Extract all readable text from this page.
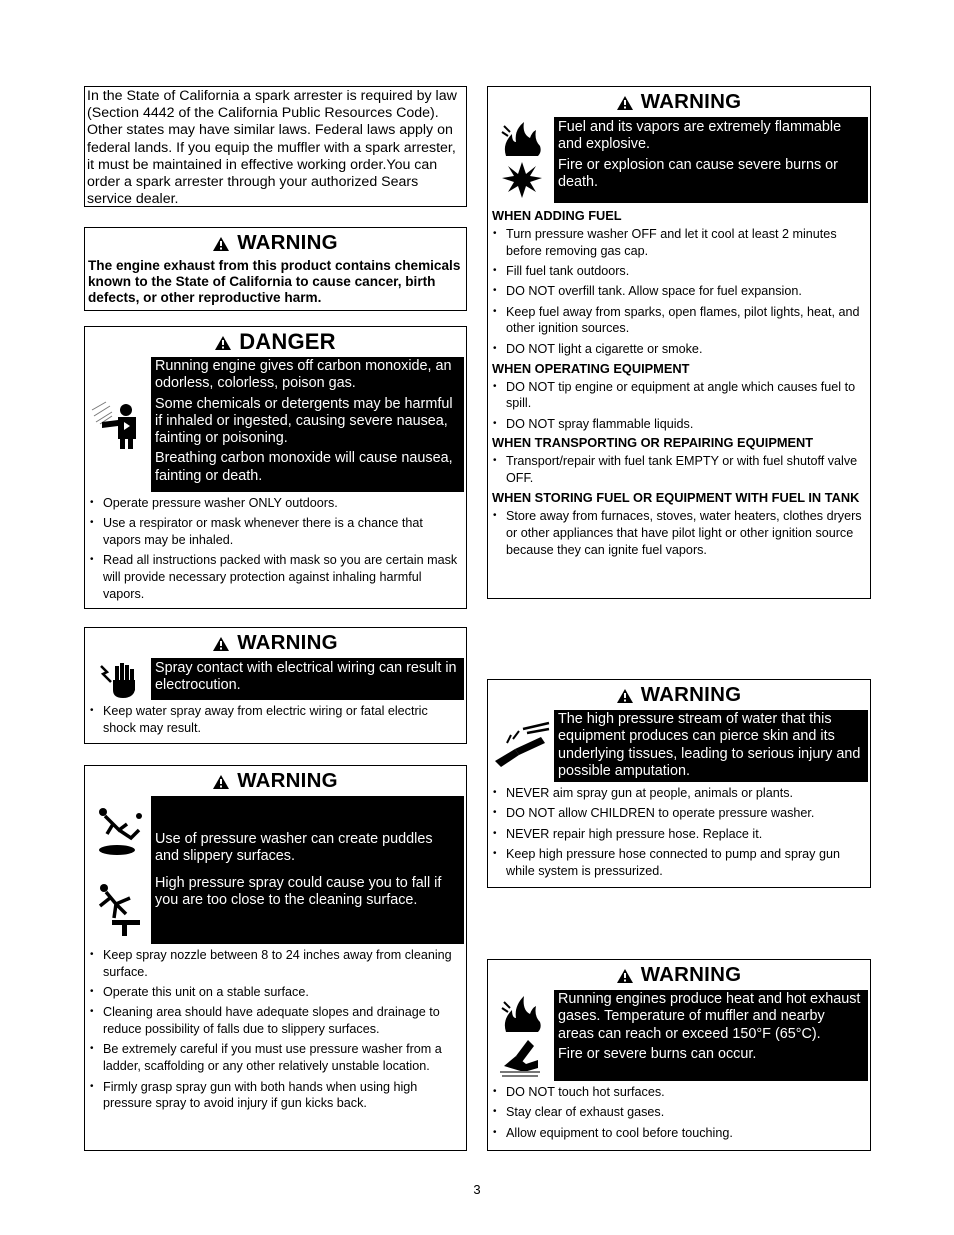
In the State of California a spark arrester is required by law (Section 4442 of the California Public Resources Code). Other states may have similar laws. Federal laws apply on federal lands. If you equip the muffler with a spark arrester, it must be maintained in effective working order.You can order a spark arrester through your authorized Sears service dealer.
WARNING
The engine exhaust from this product contains chemicals known to the State of California to cause cancer, birth defects, or other reproductive harm.
DANGER

Running engine gives off carbon monoxide, an odorless, colorless, poison gas.

Some chemicals or detergents may be harmful if inhaled or ingested, causing severe nausea, fainting or poisoning.

Breathing carbon monoxide will cause nausea, fainting or death.

• Operate pressure washer ONLY outdoors.
• Use a respirator or mask whenever there is a chance that vapors may be inhaled.
• Read all instructions packed with mask so you are certain mask will provide necessary protection against inhaling harmful vapors.
WARNING

Spray contact with electrical wiring can result in electrocution.

• Keep water spray away from electric wiring or fatal electric shock may result.
WARNING

Use of pressure washer can create puddles and slippery surfaces.

High pressure spray could cause you to fall if you are too close to the cleaning surface.

• Keep spray nozzle between 8 to 24 inches away from cleaning surface.
• Operate this unit on a stable surface.
• Cleaning area should have adequate slopes and drainage to reduce possibility of falls due to slippery surfaces.
• Be extremely careful if you must use pressure washer from a ladder, scaffolding or any other relatively unstable location.
• Firmly grasp spray gun with both hands when using high pressure spray to avoid injury if gun kicks back.
WARNING

Fuel and its vapors are extremely flammable and explosive.

Fire or explosion can cause severe burns or death.

WHEN ADDING FUEL
• Turn pressure washer OFF and let it cool at least 2 minutes before removing gas cap.
• Fill fuel tank outdoors.
• DO NOT overfill tank. Allow space for fuel expansion.
• Keep fuel away from sparks, open flames, pilot lights, heat, and other ignition sources.
• DO NOT light a cigarette or smoke.
WHEN OPERATING EQUIPMENT
• DO NOT tip engine or equipment at angle which causes fuel to spill.
• DO NOT spray flammable liquids.
WHEN TRANSPORTING OR REPAIRING EQUIPMENT
• Transport/repair with fuel tank EMPTY or with fuel shutoff valve OFF.
WHEN STORING FUEL OR EQUIPMENT WITH FUEL IN TANK
• Store away from furnaces, stoves, water heaters, clothes dryers or other appliances that have pilot light or other ignition source because they can ignite fuel vapors.
WARNING

The high pressure stream of water that this equipment produces can pierce skin and its underlying tissues, leading to serious injury and possible amputation.

• NEVER aim spray gun at people, animals or plants.
• DO NOT allow CHILDREN to operate pressure washer.
• NEVER repair high pressure hose. Replace it.
• Keep high pressure hose connected to pump and spray gun while system is pressurized.
WARNING

Running engines produce heat and hot exhaust gases. Temperature of muffler and nearby areas can reach or exceed 150°F (65°C).

Fire or severe burns can occur.

• DO NOT touch hot surfaces.
• Stay clear of exhaust gases.
• Allow equipment to cool before touching.
3
